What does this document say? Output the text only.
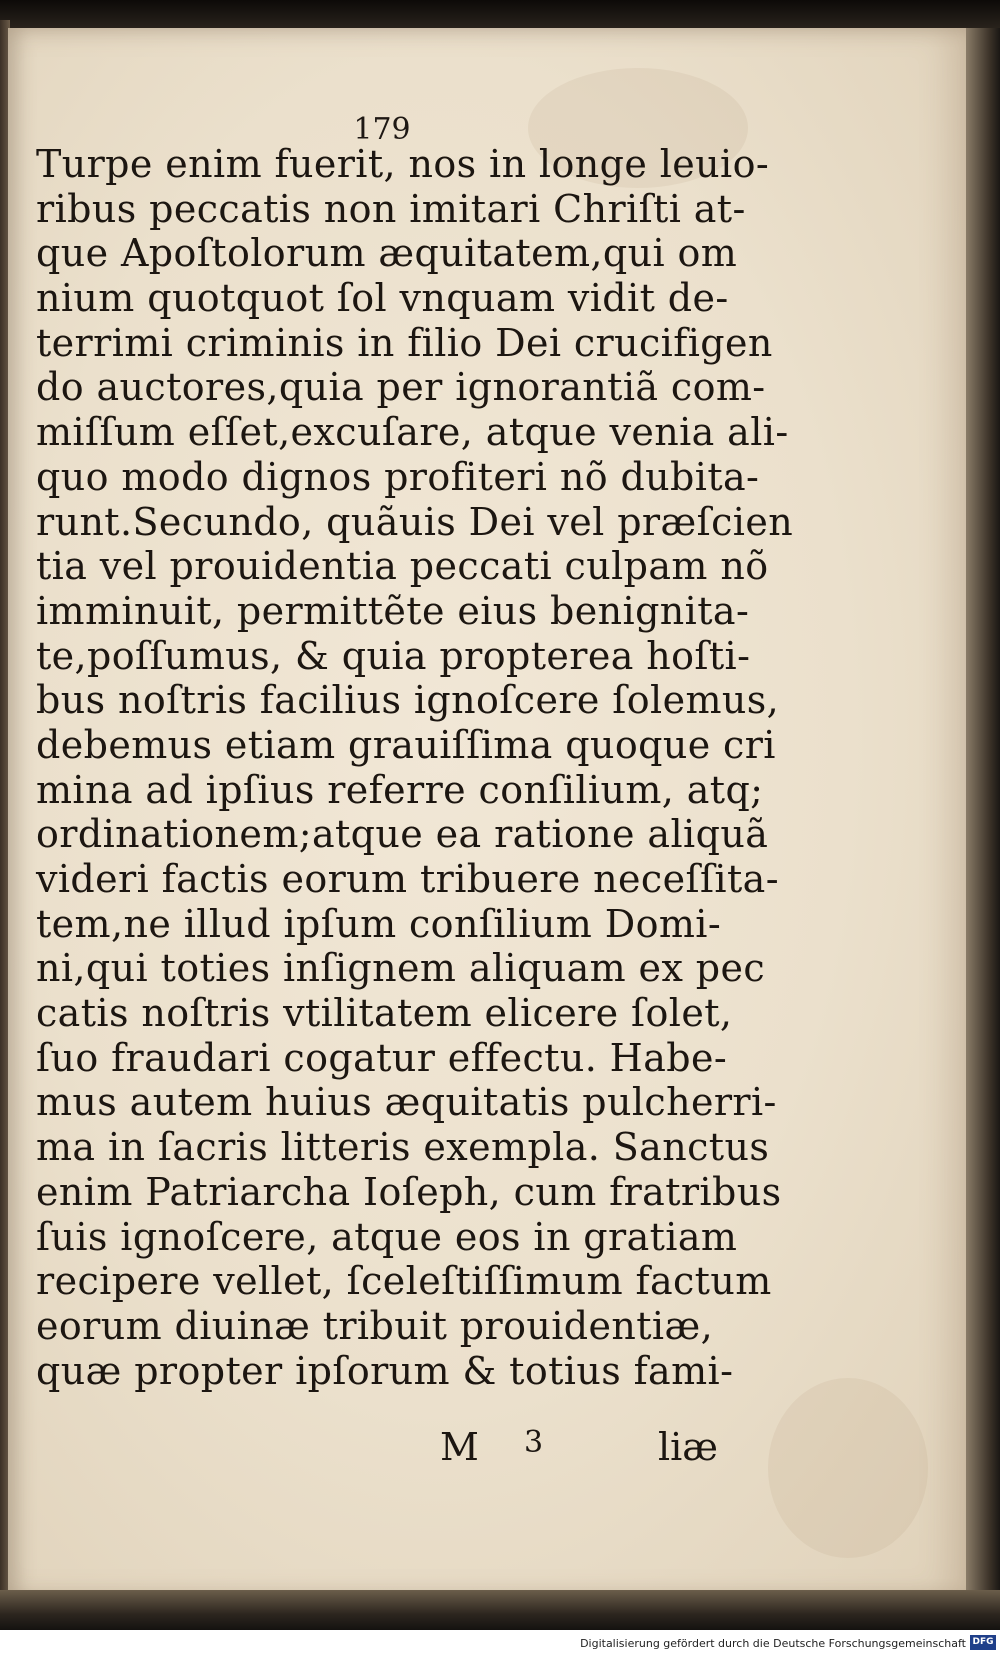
179
Turpe enim fuerit, nos in longe leuio-
ribus peccatis non imitari Chriſti at-
que Apoſtolorum æquitatem,qui om
nium quotquot ſol vnquam vidit de-
terrimi criminis in filio Dei crucifigen
do auctores,quia per ignorantiã com-
miſſum eſſet,excuſare, atque venia ali-
quo modo dignos profiteri nõ dubita-
runt.Secundo, quãuis Dei vel præſcien
tia vel prouidentia peccati culpam nõ
imminuit, permittẽte eius benignita-
te,poſſumus, & quia propterea hoſti-
bus noſtris facilius ignoſcere ſolemus,
debemus etiam grauiſſima quoque cri
mina ad ipſius referre conſilium, atq;
ordinationem;atque ea ratione aliquã
videri factis eorum tribuere neceſſita-
tem,ne illud ipſum conſilium Domi-
ni,qui toties inſignem aliquam ex pec
catis noſtris vtilitatem elicere ſolet,
ſuo fraudari cogatur effectu. Habe-
mus autem huius æquitatis pulcherri-
ma in ſacris litteris exempla. Sanctus
enim Patriarcha Ioſeph, cum fratribus
ſuis ignoſcere, atque eos in gratiam
recipere vellet, ſceleſtiſſimum factum
eorum diuinæ tribuit prouidentiæ,
quæ propter ipſorum & totius fami-
M 3	liæ
Digitalisierung gefördert durch die Deutsche Forschungsgemeinschaft DFG
